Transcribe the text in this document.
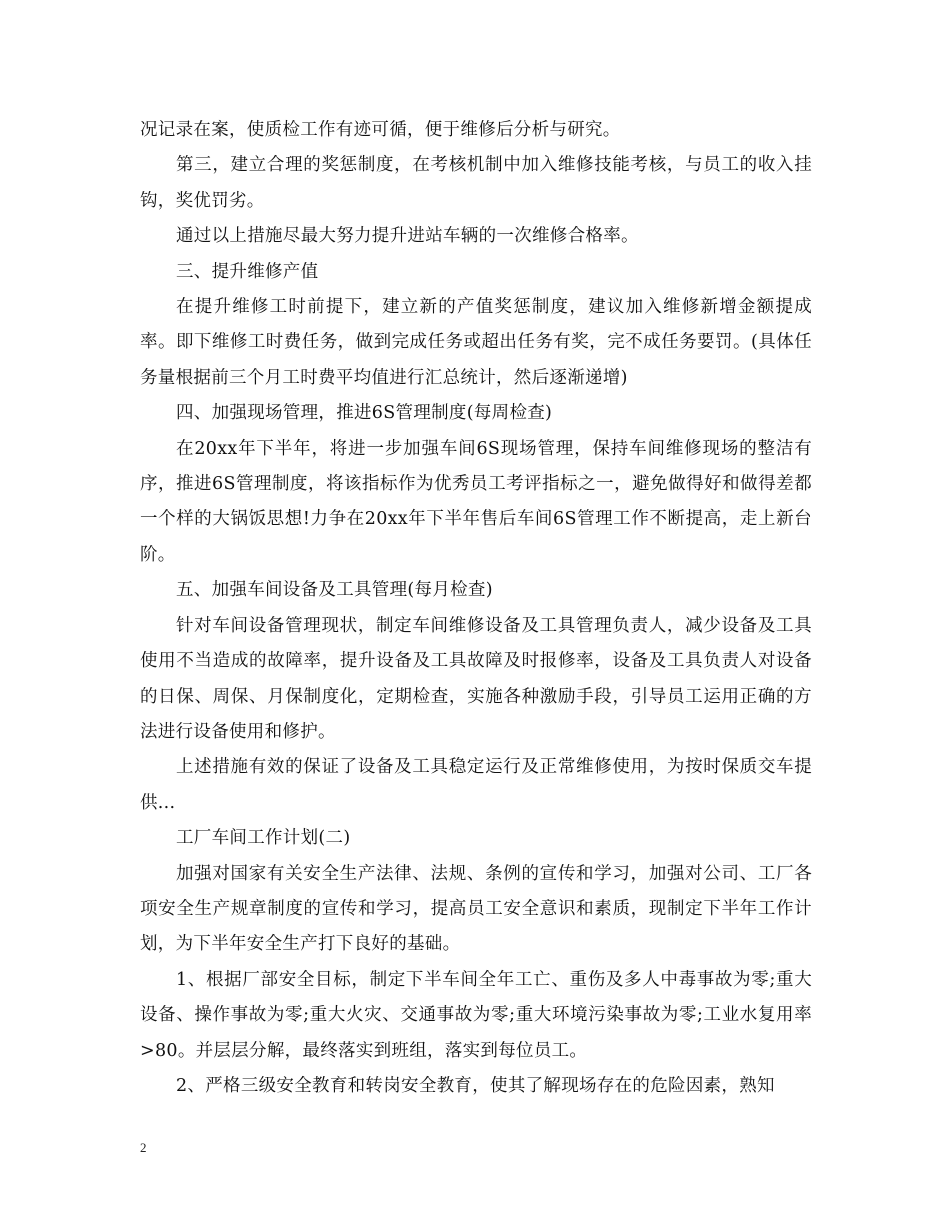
况记录在案，使质检工作有迹可循，便于维修后分析与研究。

第三，建立合理的奖惩制度，在考核机制中加入维修技能考核，与员工的收入挂钩，奖优罚劣。

通过以上措施尽最大努力提升进站车辆的一次维修合格率。

三、提升维修产值

在提升维修工时前提下，建立新的产值奖惩制度，建议加入维修新增金额提成率。即下维修工时费任务，做到完成任务或超出任务有奖，完不成任务要罚。(具体任务量根据前三个月工时费平均值进行汇总统计，然后逐渐递增)

四、加强现场管理，推进6S管理制度(每周检查)

在20xx年下半年，将进一步加强车间6S现场管理，保持车间维修现场的整洁有序，推进6S管理制度，将该指标作为优秀员工考评指标之一，避免做得好和做得差都一个样的大锅饭思想!力争在20xx年下半年售后车间6S管理工作不断提高，走上新台阶。

五、加强车间设备及工具管理(每月检查)

针对车间设备管理现状，制定车间维修设备及工具管理负责人，减少设备及工具使用不当造成的故障率，提升设备及工具故障及时报修率，设备及工具负责人对设备的日保、周保、月保制度化，定期检查，实施各种激励手段，引导员工运用正确的方法进行设备使用和修护。

上述措施有效的保证了设备及工具稳定运行及正常维修使用，为按时保质交车提供...

工厂车间工作计划(二)

加强对国家有关安全生产法律、法规、条例的宣传和学习，加强对公司、工厂各项安全生产规章制度的宣传和学习，提高员工安全意识和素质，现制定下半年工作计划，为下半年安全生产打下良好的基础。

1、根据厂部安全目标，制定下半车间全年工亡、重伤及多人中毒事故为零;重大设备、操作事故为零;重大火灾、交通事故为零;重大环境污染事故为零;工业水复用率>80。并层层分解，最终落实到班组，落实到每位员工。

2、严格三级安全教育和转岗安全教育，使其了解现场存在的危险因素，熟知

2
